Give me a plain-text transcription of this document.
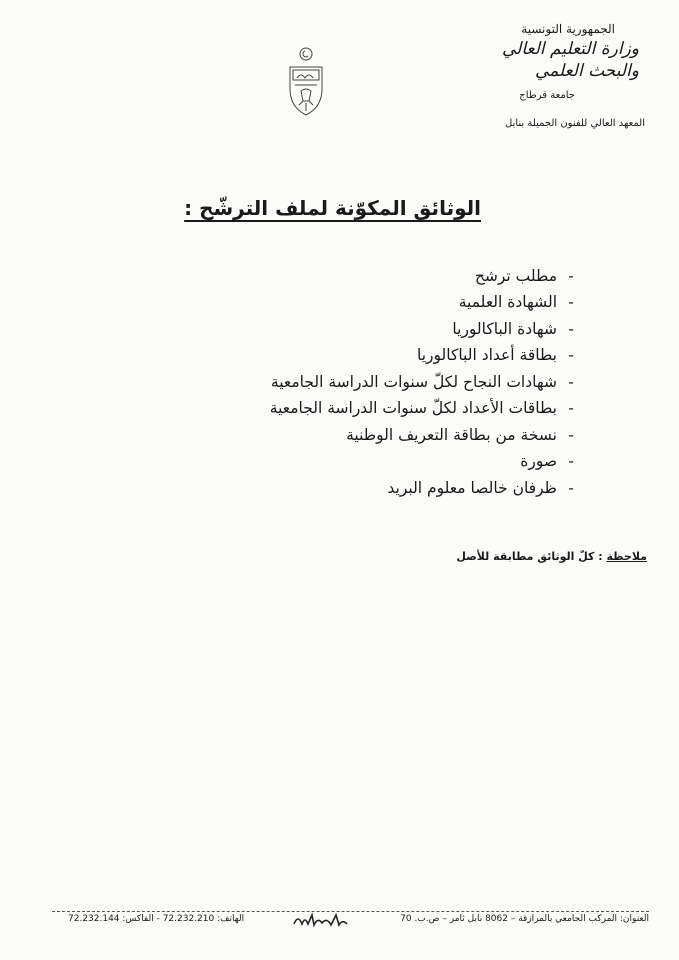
الجمهورية التونسية
وزارة التعليم العالي
والبحث العلمي
جامعة قرطاج
المعهد العالي للفنون الجميلة بنابل
الوثائق المكوّنة لملف الترشّح :
-
مطلب ترشح
-
الشهادة العلمية
-
شهادة الباكالوريا
-
بطاقة أعداد الباكالوريا
-
شهادات النجاح لكلّ سنوات الدراسة الجامعية
-
بطاقات الأعداد لكلّ سنوات الدراسة الجامعية
-
نسخة من بطاقة التعريف الوطنية
-
صورة
-
ظرفان خالصا معلوم البريد
ملاحظة : كلّ الوثائق مطابقة للأصل
العنوان: المركب الجامعي بالمرازقة – 8062 نابل ثامر – ص.ب. 70
الهاتف: 72.232.210 - الفاكس: 72.232.144
